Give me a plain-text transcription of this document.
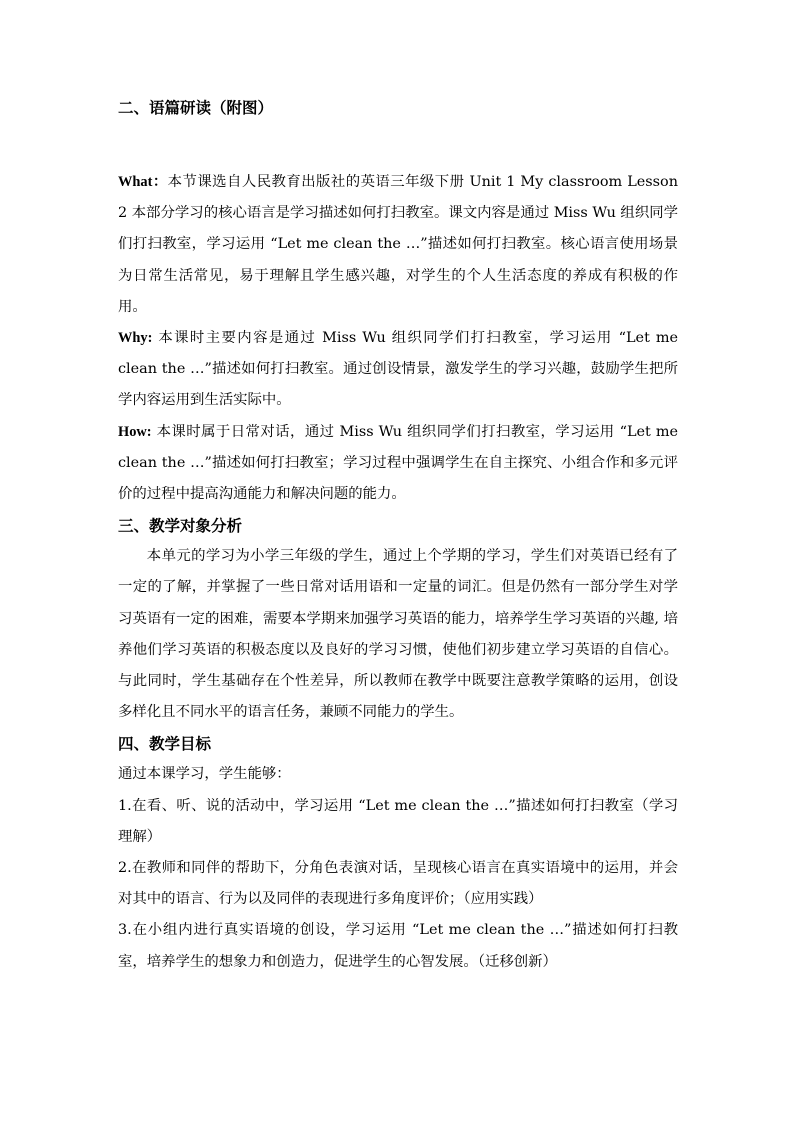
二、语篇研读（附图）

What：本节课选自人民教育出版社的英语三年级下册 Unit 1 My classroom Lesson 2 本部分学习的核心语言是学习描述如何打扫教室。课文内容是通过 Miss Wu 组织同学们打扫教室，学习运用 “Let me clean the …”描述如何打扫教室。核心语言使用场景为日常生活常见，易于理解且学生感兴趣，对学生的个人生活态度的养成有积极的作用。

Why: 本课时主要内容是通过 Miss Wu 组织同学们打扫教室，学习运用 “Let me clean the …”描述如何打扫教室。通过创设情景，激发学生的学习兴趣，鼓励学生把所学内容运用到生活实际中。

How: 本课时属于日常对话，通过 Miss Wu 组织同学们打扫教室，学习运用 “Let me clean the …”描述如何打扫教室；学习过程中强调学生在自主探究、小组合作和多元评价的过程中提高沟通能力和解决问题的能力。

三、教学对象分析

本单元的学习为小学三年级的学生，通过上个学期的学习，学生们对英语已经有了一定的了解，并掌握了一些日常对话用语和一定量的词汇。但是仍然有一部分学生对学习英语有一定的困难，需要本学期来加强学习英语的能力，培养学生学习英语的兴趣, 培养他们学习英语的积极态度以及良好的学习习惯，使他们初步建立学习英语的自信心。与此同时，学生基础存在个性差异，所以教师在教学中既要注意教学策略的运用，创设多样化且不同水平的语言任务，兼顾不同能力的学生。

四、教学目标

通过本课学习，学生能够：

1.在看、听、说的活动中，学习运用 “Let me clean the …”描述如何打扫教室（学习理解）

2.在教师和同伴的帮助下，分角色表演对话，呈现核心语言在真实语境中的运用，并会对其中的语言、行为以及同伴的表现进行多角度评价；（应用实践）

3.在小组内进行真实语境的创设，学习运用 “Let me clean the …”描述如何打扫教室，培养学生的想象力和创造力，促进学生的心智发展。（迁移创新）
